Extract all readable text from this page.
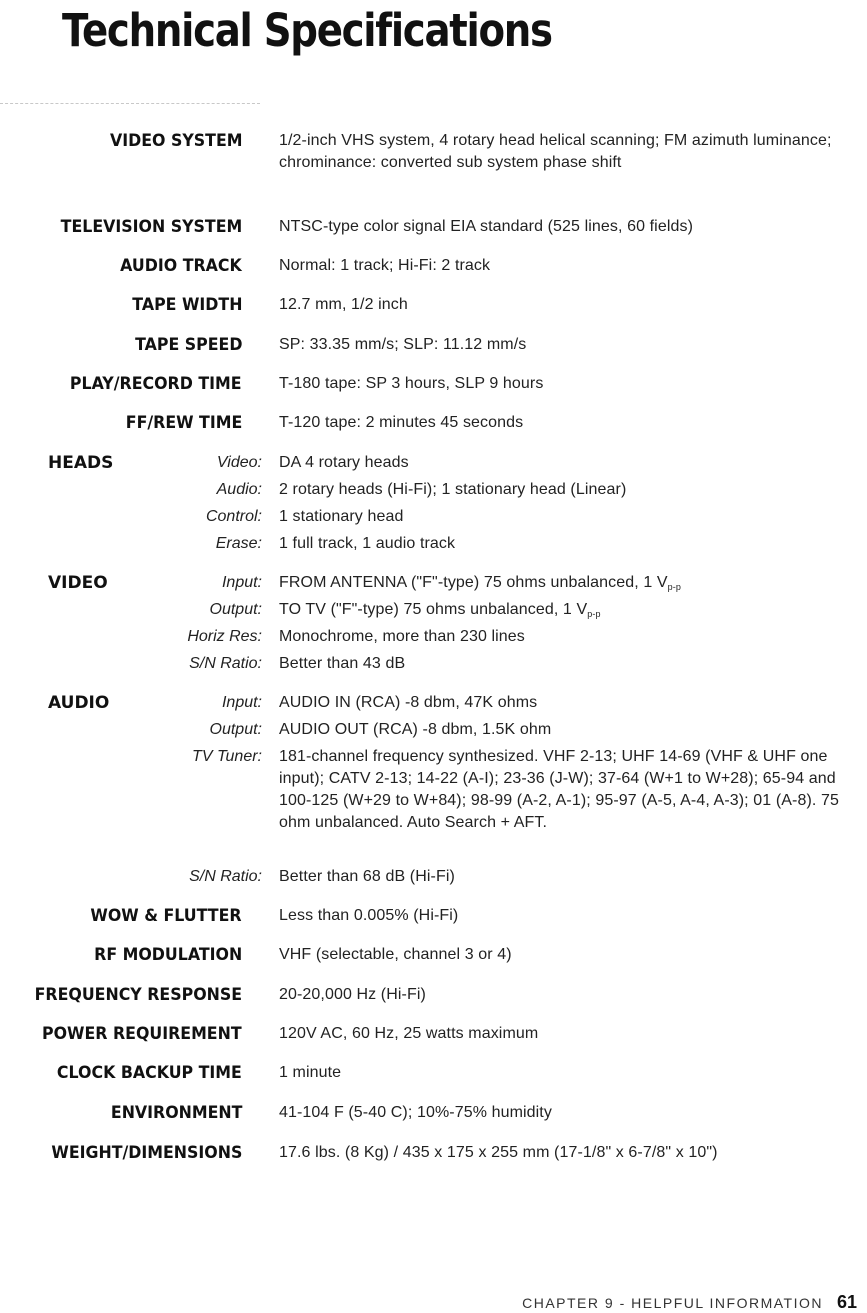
Technical Specifications
VIDEO SYSTEM 1/2-inch VHS system, 4 rotary head helical scanning; FM azimuth luminance; chrominance: converted sub system phase shift
TELEVISION SYSTEM NTSC-type color signal EIA standard (525 lines, 60 fields)
AUDIO TRACK Normal: 1 track; Hi-Fi: 2 track
TAPE WIDTH 12.7 mm, 1/2 inch
TAPE SPEED SP: 33.35 mm/s; SLP: 11.12 mm/s
PLAY/RECORD TIME T-180 tape: SP 3 hours, SLP 9 hours
FF/REW TIME T-120 tape: 2 minutes 45 seconds
HEADS	Video: DA 4 rotary heads
Audio: 2 rotary heads (Hi-Fi); 1 stationary head (Linear)
Control: 1 stationary head
Erase: 1 full track, 1 audio track
VIDEO	Input: FROM ANTENNA ("F"-type) 75 ohms unbalanced, 1 $V_{p-p}$
Output: TO TV ("F"-type) 75 ohms unbalanced, 1 $V_{p-p}$
Horiz Res: Monochrome, more than 230 lines
S/N Ratio: Better than 43 dB
AUDIO	Input: AUDIO IN (RCA) -8 dbm, 47K ohms
Output: AUDIO OUT (RCA) -8 dbm, 1.5K ohm
TV Tuner: 181-channel frequency synthesized. VHF 2-13; UHF 14-69 (VHF & UHF one input); CATV 2-13; 14-22 (A-I); 23-36 (J-W); 37-64 (W+1 to W+28); 65-94 and 100-125 (W+29 to W+84); 98-99 (A-2, A-1); 95-97 (A-5, A-4, A-3); 01 (A-8). 75 ohm unbalanced. Auto Search + AFT.
S/N Ratio: Better than 68 dB (Hi-Fi)
WOW & FLUTTER Less than 0.005% (Hi-Fi)
RF MODULATION VHF (selectable, channel 3 or 4)
FREQUENCY RESPONSE 20-20,000 Hz (Hi-Fi)
POWER REQUIREMENT 120V AC, 60 Hz, 25 watts maximum
CLOCK BACKUP TIME 1 minute
ENVIRONMENT 41-104 F (5-40 C); 10%-75% humidity
WEIGHT/DIMENSIONS 17.6 lbs. (8 Kg) / 435 x 175 x 255 mm (17-1/8" x 6-7/8" x 10")
CHAPTER 9 - HELPFUL INFORMATION 61
